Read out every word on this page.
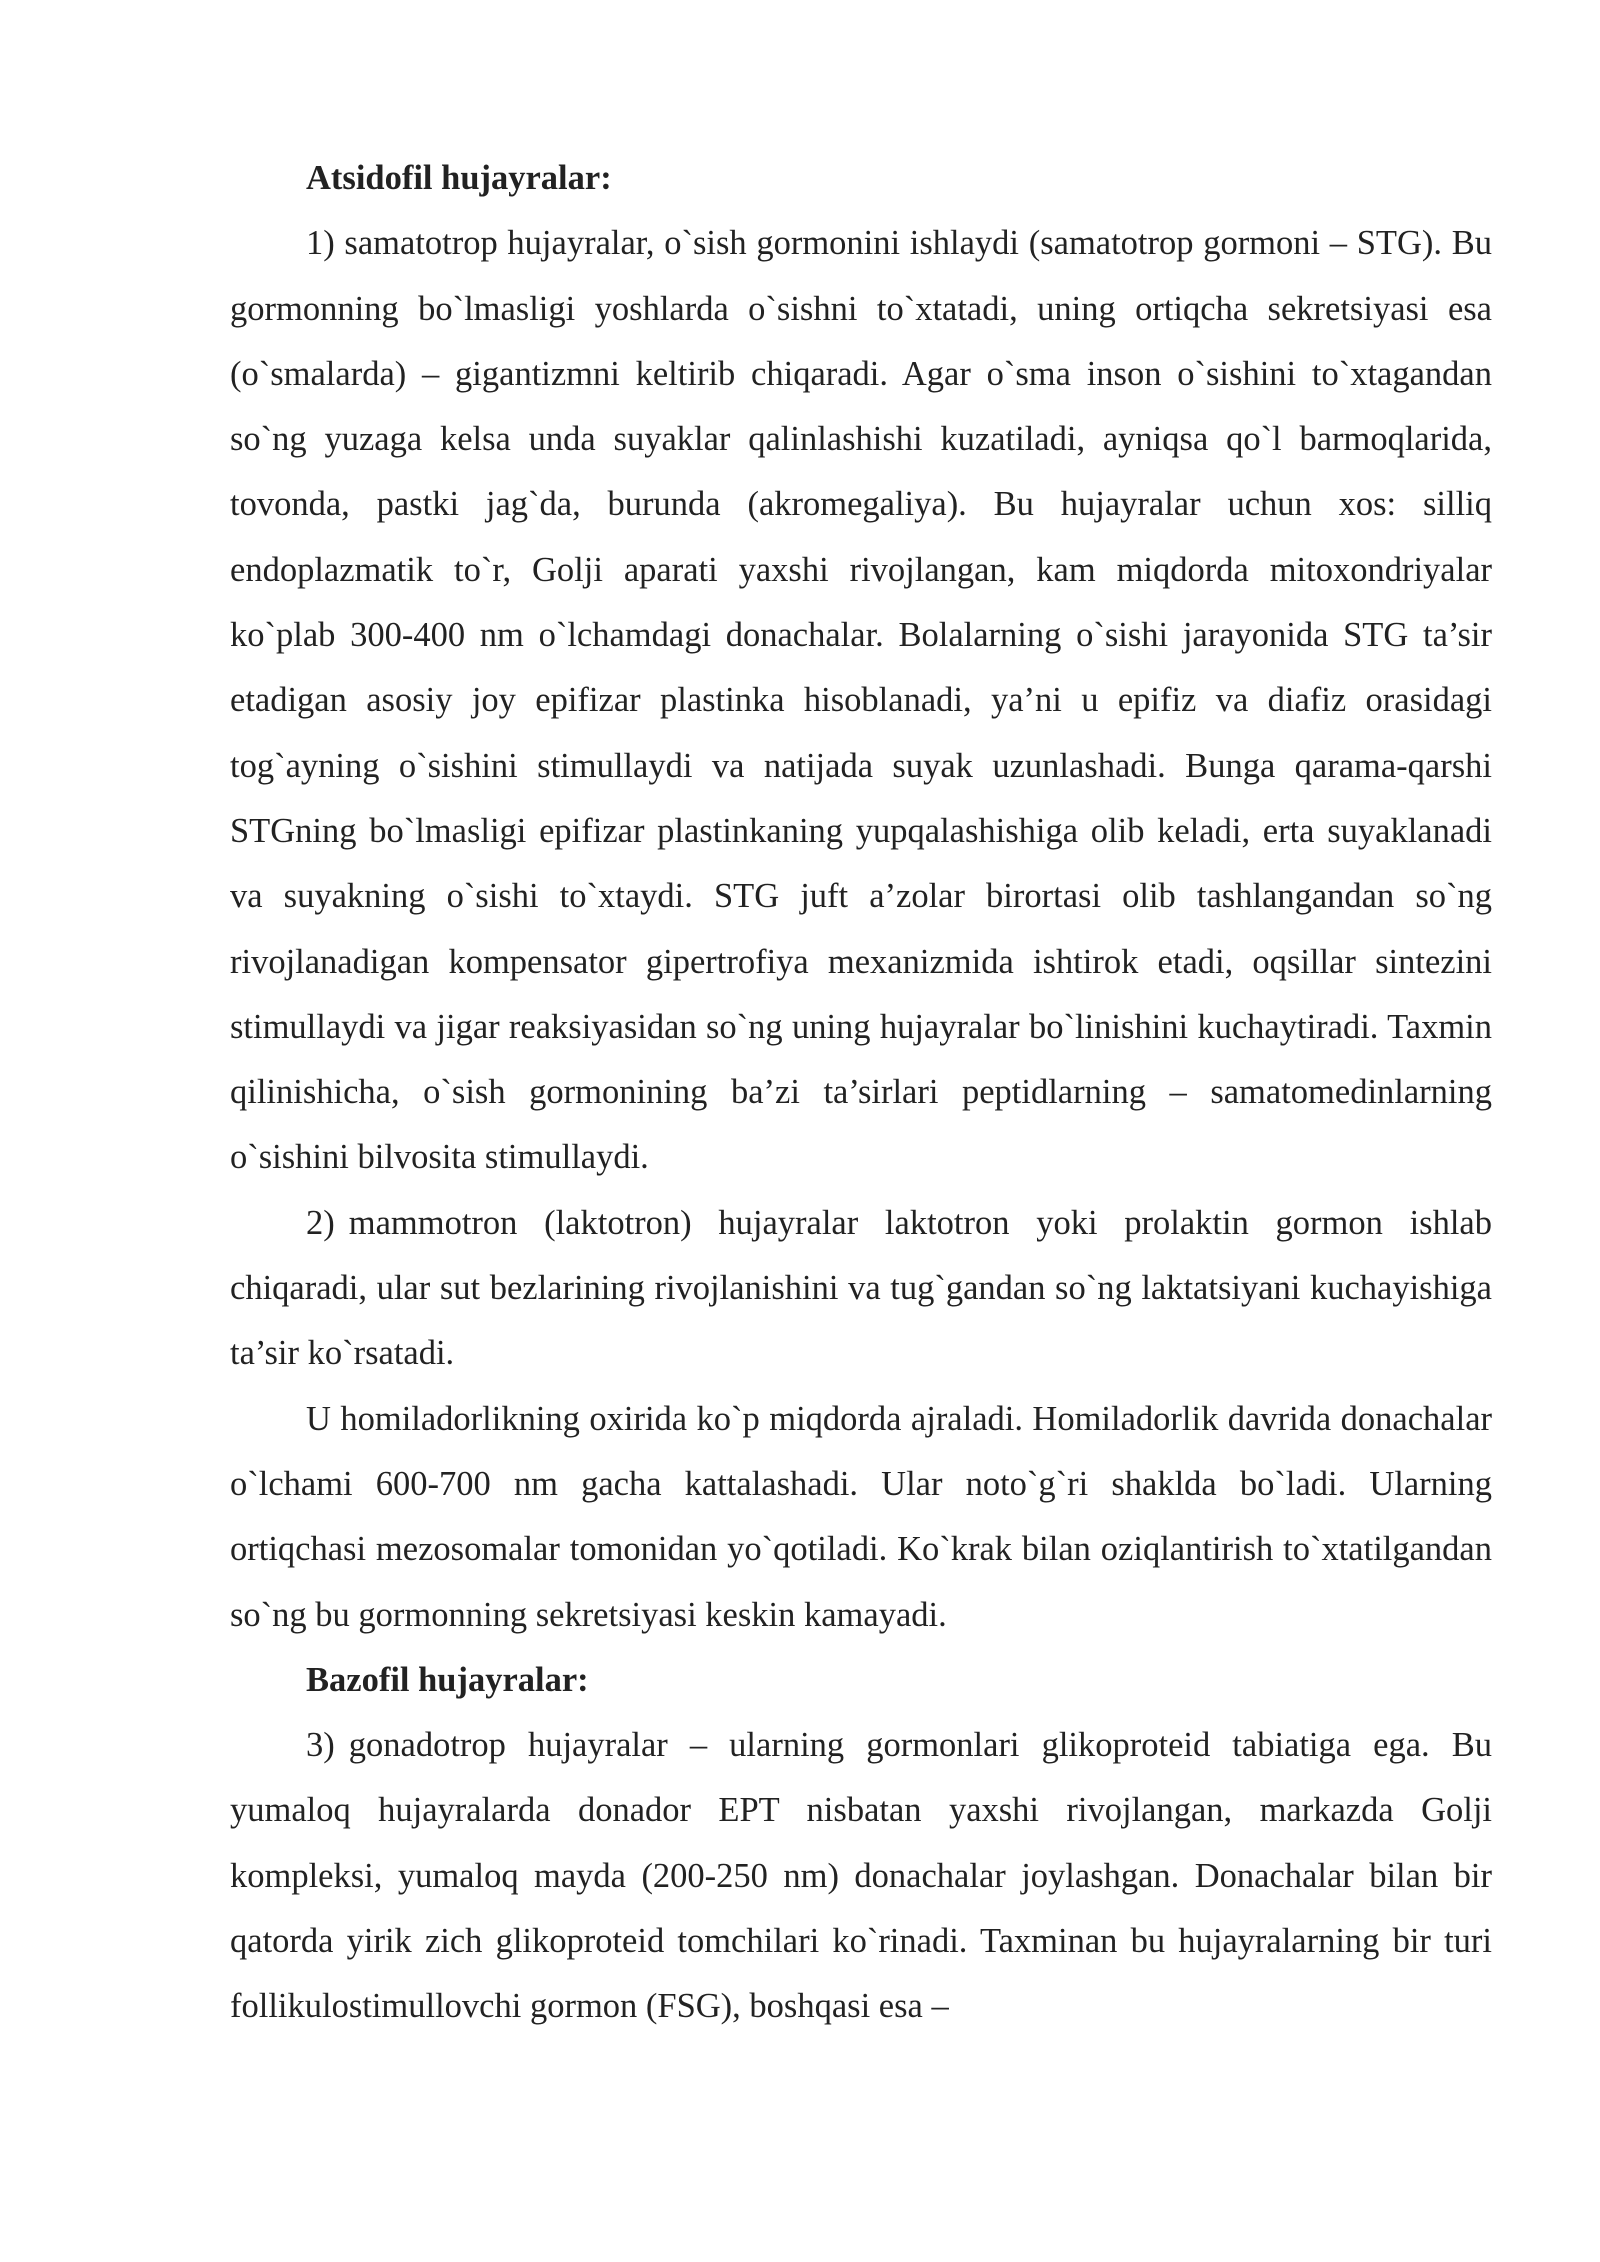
Atsidofil hujayralar:

1) samatotrop hujayralar, o`sish gormonini ishlaydi (samatotrop gormoni – STG). Bu gormonning bo`lmasligi yoshlarda o`sishni to`xtatadi, uning ortiqcha sekretsiyasi esa (o`smalarda) – gigantizmni keltirib chiqaradi. Agar o`sma inson o`sishini to`xtagandan so`ng yuzaga kelsa unda suyaklar qalinlashishi kuzatiladi, ayniqsa qo`l barmoqlarida, tovonda, pastki jag`da, burunda (akromegaliya). Bu hujayralar uchun xos: silliq endoplazmatik to`r, Golji aparati yaxshi rivojlangan, kam miqdorda mitoxondriyalar ko`plab 300-400 nm o`lchamdagi donachalar. Bolalarning o`sishi jarayonida STG ta’sir etadigan asosiy joy epifizar plastinka hisoblanadi, ya’ni u epifiz va diafiz orasidagi tog`ayning o`sishini stimullaydi va natijada suyak uzunlashadi. Bunga qarama-qarshi STGning bo`lmasligi epifizar plastinkaning yupqalashishiga olib keladi, erta suyaklanadi va suyakning o`sishi to`xtaydi. STG juft a’zolar birortasi olib tashlangandan so`ng rivojlanadigan kompensator gipertrofiya mexanizmida ishtirok etadi, oqsillar sintezini stimullaydi va jigar reaksiyasidan so`ng uning hujayralar bo`linishini kuchaytiradi. Taxmin qilinishicha, o`sish gormonining ba’zi ta’sirlari peptidlarning – samatomedinlarning o`sishini bilvosita stimullaydi.

2) mammotron (laktotron) hujayralar laktotron yoki prolaktin gormon ishlab chiqaradi, ular sut bezlarining rivojlanishini va tug`gandan so`ng laktatsiyani kuchayishiga ta’sir ko`rsatadi.

U homiladorlikning oxirida ko`p miqdorda ajraladi. Homiladorlik davrida donachalar o`lchami 600-700 nm gacha kattalashadi. Ular noto`g`ri shaklda bo`ladi. Ularning ortiqchasi mezosomalar tomonidan yo`qotiladi. Ko`krak bilan oziqlantirish to`xtatilgandan so`ng bu gormonning sekretsiyasi keskin kamayadi.

Bazofil hujayralar:

3) gonadotrop hujayralar – ularning gormonlari glikoproteid tabiatiga ega. Bu yumaloq hujayralarda donador EPT nisbatan yaxshi rivojlangan, markazda Golji kompleksi, yumaloq mayda (200-250 nm) donachalar joylashgan. Donachalar bilan bir qatorda yirik zich glikoproteid tomchilari ko`rinadi. Taxminan bu hujayralarning bir turi follikulostimullovchi gormon (FSG), boshqasi esa –
